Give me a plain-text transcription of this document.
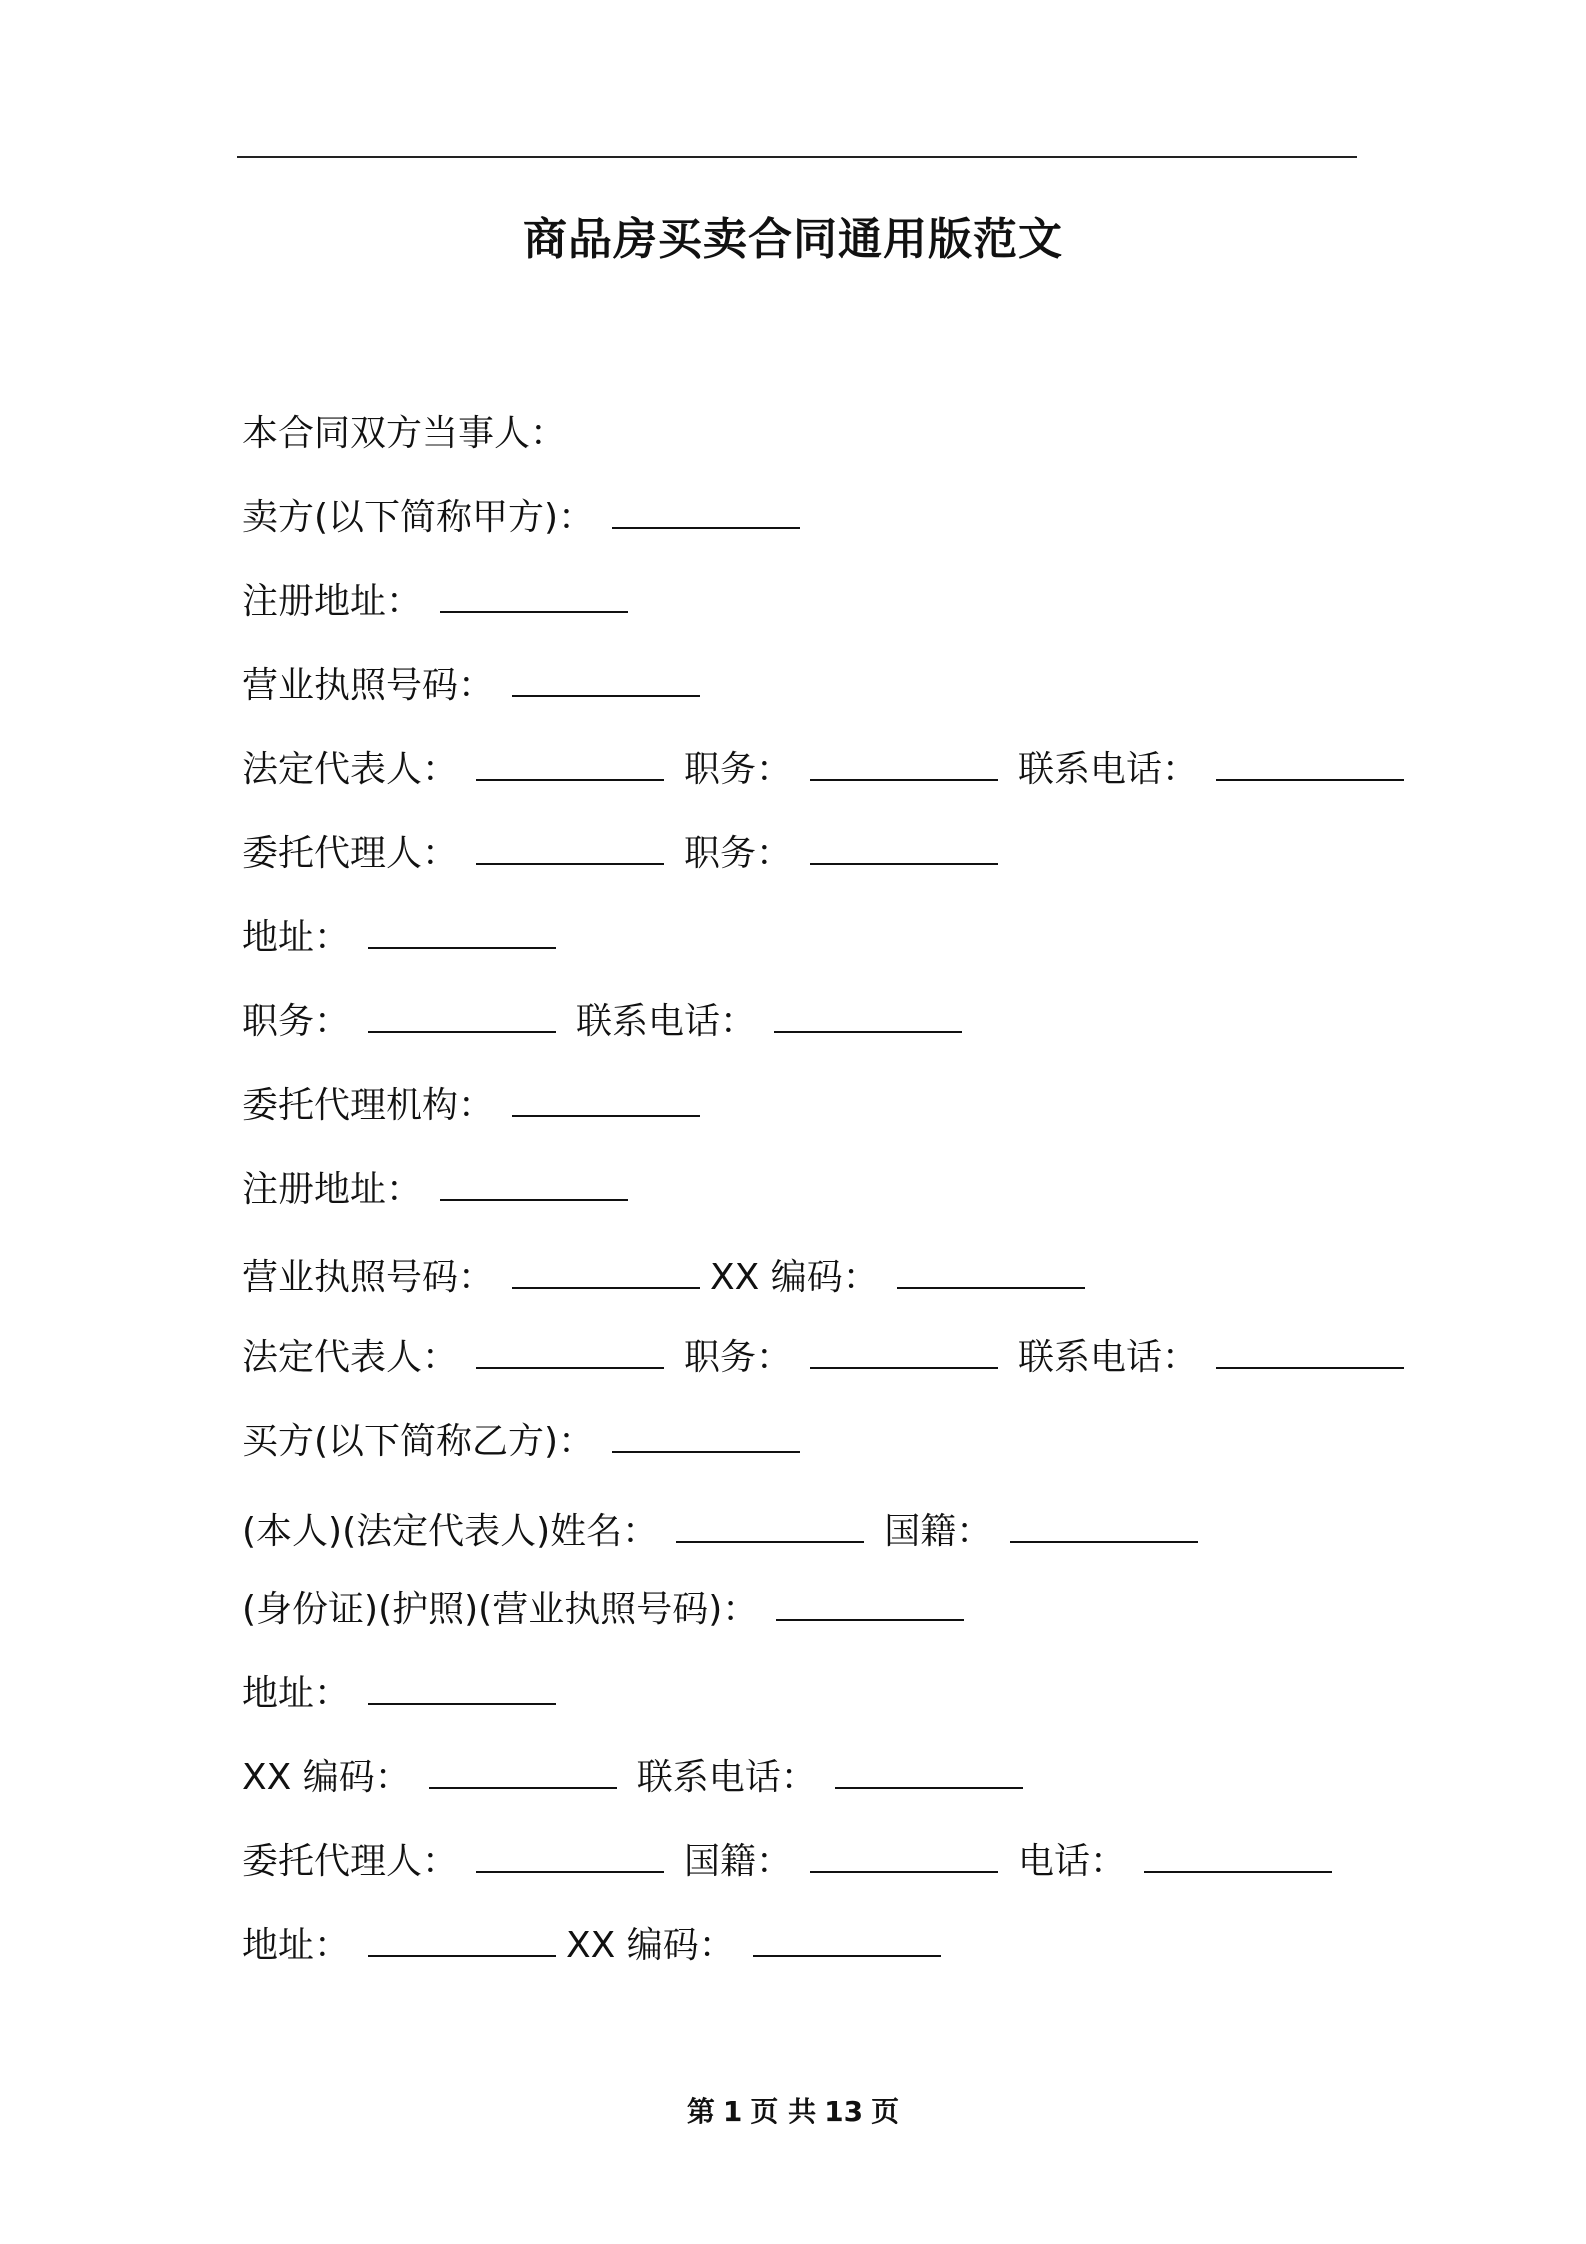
商品房买卖合同通用版范文
本合同双方当事人：
卖方(以下简称甲方)：
注册地址：
营业执照号码：
法定代表人：	职务：	联系电话：
委托代理人：	职务：
地址：
职务：	联系电话：
委托代理机构：
注册地址：
营业执照号码：	XX 编码：
法定代表人：	职务：	联系电话：
买方(以下简称乙方)：
(本人)(法定代表人)姓名：	国籍：
(身份证)(护照)(营业执照号码)：
地址：
XX 编码：	联系电话：
委托代理人：	国籍：	电话：
地址：	XX 编码：
第 1 页 共 13 页
